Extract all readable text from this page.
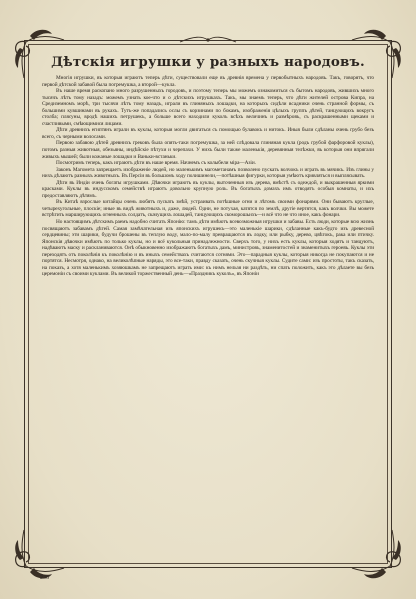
Дѣтскія игрушки у разныхъ народовъ.

Многія игрушки, въ которыя играютъ теперь дѣти, существовали еще въ древнія времена у первобытныхъ народовъ. Такъ, говорятъ, что первой дѣтской забавой была погремушка, а второй—кукла.

Въ наше время раскопано много разрушенныхъ городовъ, и поэтому теперь мы можемъ ознакомиться съ бытомъ народовъ, жившихъ много тысячъ лѣтъ тому назадъ: можемъ узнать кое-что и о дѣтскихъ игрушкахъ. Такъ, мы знаемъ теперь, что дѣти жителей острова Кипра, на Средиземномъ морѣ, три тысячи лѣтъ тому назадъ, играли въ глиняныхъ лошадки, на которыхъ сидѣли всадники очень странной формы, съ большими кувшинами въ рукахъ. Тутъ-же попадались ослы съ корзинами по бокамъ, изображенія цѣлыхъ группъ дѣтей, танцующихъ вокругъ столба; плясуны, вродѣ нашихъ петрушекъ, а больше всего находили куколъ всѣхъ величинъ и размѣровъ, съ раскрашенными щеками и счастливыми, смѣющимися лицами.

Дѣти древнихъ египтянъ играли въ куклы, которыя могли двигаться съ помощью булавокъ и нитокъ. Иныя были сдѣланы очень грубо безъ всего, съ черными волосами.

Первою забавою дѣтей древнихъ грековъ была опять-таки погремушка, за ней слѣдовала глиняная кукла (родъ грубой фарфоровой куклы), потомъ разныя животныя, обезьяны, индѣйскіе пѣтухи и черепахи. У нихъ были также маленькія, деревянныя телѣжки, въ которыя они впрягали живыхъ мышей; были кожаные лошадки и Ваньки-встаньки.

Посмотримъ теперь, какъ играютъ дѣти въ наше время. Начнемъ съ колыбели міра—Азіи.

Законъ Магомета запрещаетъ изображеніе людей, но маленькимъ магометанамъ позволено пускать волчокъ и играть въ мячикъ. Изъ глины у нихъ дѣлаютъ разныхъ животныхъ. Въ Персіи въ большомъ ходу полишинели,—потѣшныя фигурки, которыя умѣютъ кривляться и выплясывать.

Дѣти въ Индіи очень богаты игрушками. Дѣвочки играютъ въ куклы, выточенныя изъ дерева, вмѣстѣ съ одеждой, и выкрашенныя яркими красками. Куклы въ индусскомъ семействѣ играютъ довольно крупную роль. Въ богатыхъ домахъ имъ отводятъ особыя комнаты, и ихъ предоставляютъ дѣтямъ.

Въ Китаѣ взрослые китайцы очень любятъ пускать змѣй, устраивать потѣшные огни и лѣтомъ своими фонарями. Они бываютъ круглые, четырехугольные, плоскіе; иные въ видѣ животныхъ и, даже, людей. Одни, не потухая, катятся по землѣ, другіе вертятся, какъ волчки. Вы можете встрѣтить марширующихъ огненныхъ солдатъ, скачущихъ лошадей, танцующихъ скоморошьихъ—и всё что не что иное, какъ фонари.

Но настоящимъ дѣтскимъ раемъ надобно считать Японію: тамъ дѣти имѣютъ всевозможныя игрушки и забавы. Есть люди, которые всю жизнь посвящаютъ забавамъ дѣтей. Самая замѣчательная изъ японскихъ игрушекъ—это маленькіе шарики, сдѣланные какъ-будто изъ древесной сердцевины; эти шарики, будучи брошены въ теплую воду, мало-по-малу превращаются въ лодку, или рыбку, дерево, цвѣтокъ, рака или птичку. Японскія дѣвочки имѣютъ по только куклы, но и всё кукольныя принадлежности. Сверхъ того, у нихъ есть куклы, которыя ходятъ и танцуютъ, надѣваютъ маску и раскланиваются. Онѣ обыкновенно изображаютъ богатыхъ дамъ, министровъ, знаменитостей и знаменитыхъ героевъ. Куклы эти переходятъ отъ поколѣнія къ поколѣнію и въ иныхъ семействахъ считаются сотнями. Это—парадныя куклы, которыя никогда не покупаются и не портятся. Несмотря, однако, на великолѣпные наряды, это все-таки, правду сказать, очень скучныя куклы. Судите сами: изъ простоты, такъ сказать, на показъ, а хотя маленькимъ хозяюшкамъ не запрещаютъ играть ими: къ нимъ нельзя ни раздѣть, ни спать положить, какъ это дѣлаете вы безъ церемоніи съ своими куклами. Въ великой торжественный день—«Праздникъ куколъ», въ Японіи

236
